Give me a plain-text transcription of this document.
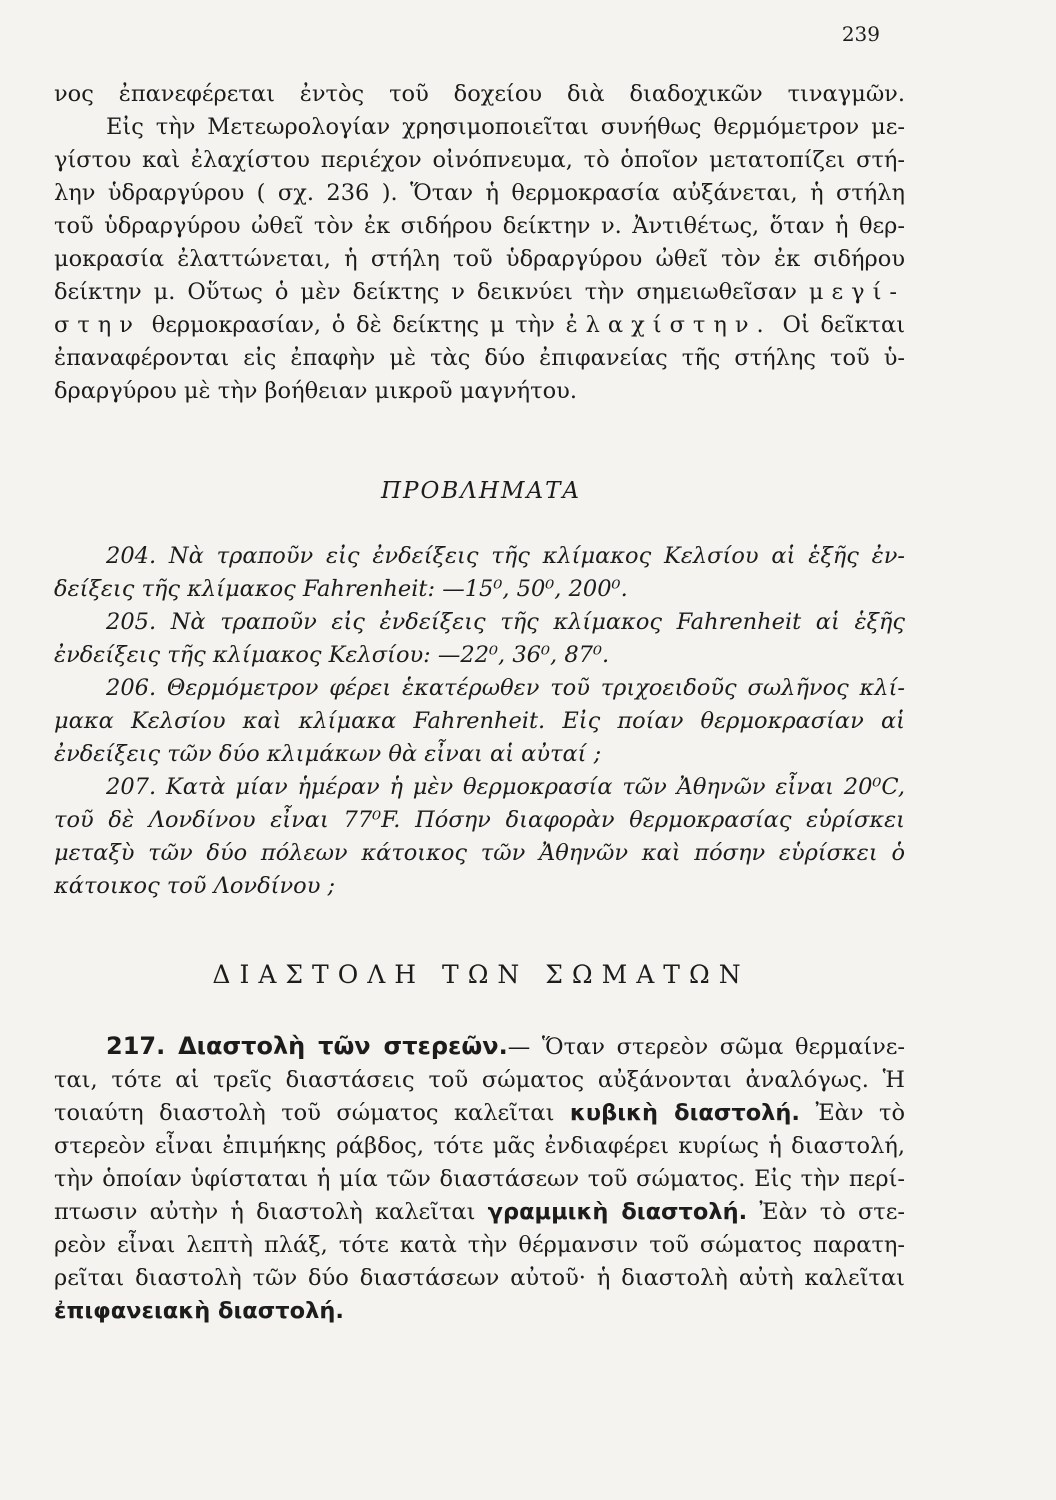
239

νος ἐπανεφέρεται ἐντὸς τοῦ δοχείου διὰ διαδοχικῶν τιναγμῶν.

Εἰς τὴν Μετεωρολογίαν χρησιμοποιεῖται συνήθως θερμόμετρον με-

γίστου καὶ ἐλαχίστου περιέχον οἰνόπνευμα, τὸ ὁποῖον μετατοπίζει στή-

λην ὑδραργύρου ( σχ. 236 ). Ὅταν ἡ θερμοκρασία αὐξάνεται, ἡ στήλη

τοῦ ὑδραργύρου ὠθεῖ τὸν ἐκ σιδήρου δείκτην ν. Ἀντιθέτως, ὅταν ἡ θερ-

μοκρασία ἐλαττώνεται, ἡ στήλη τοῦ ὑδραργύρου ὠθεῖ τὸν ἐκ σιδήρου

δείκτην μ. Οὕτως ὁ μὲν δείκτης ν δεικνύει τὴν σημειωθεῖσαν μεγί-

στην θερμοκρασίαν, ὁ δὲ δείκτης μ τὴν ἐλαχίστην. Οἱ δεῖκται

ἐπαναφέρονται εἰς ἐπαφὴν μὲ τὰς δύο ἐπιφανείας τῆς στήλης τοῦ ὑ-

δραργύρου μὲ τὴν βοήθειαν μικροῦ μαγνήτου.

ΠΡΟΒΛΗΜΑΤΑ

204. Νὰ τραποῦν εἰς ἐνδείξεις τῆς κλίμακος Κελσίου αἱ ἑξῆς ἐν-

δείξεις τῆς κλίμακος Fahrenheit: —15⁰, 50⁰, 200⁰.

205. Νὰ τραποῦν εἰς ἐνδείξεις τῆς κλίμακος Fahrenheit αἱ ἑξῆς

ἐνδείξεις τῆς κλίμακος Κελσίου: —22⁰, 36⁰, 87⁰.

206. Θερμόμετρον φέρει ἑκατέρωθεν τοῦ τριχοειδοῦς σωλῆνος κλί-

μακα Κελσίου καὶ κλίμακα Fahrenheit. Εἰς ποίαν θερμοκρασίαν αἱ

ἐνδείξεις τῶν δύο κλιμάκων θὰ εἶναι αἱ αὐταί ;

207. Κατὰ μίαν ἡμέραν ἡ μὲν θερμοκρασία τῶν Ἀθηνῶν εἶναι 20⁰C,

τοῦ δὲ Λονδίνου εἶναι 77⁰F. Πόσην διαφορὰν θερμοκρασίας εὑρίσκει

μεταξὺ τῶν δύο πόλεων κάτοικος τῶν Ἀθηνῶν καὶ πόσην εὑρίσκει ὁ

κάτοικος τοῦ Λονδίνου ;

ΔΙΑΣΤΟΛΗ ΤΩΝ ΣΩΜΑΤΩΝ

217. Διαστολὴ τῶν στερεῶν.— Ὅταν στερεὸν σῶμα θερμαίνε-

ται, τότε αἱ τρεῖς διαστάσεις τοῦ σώματος αὐξάνονται ἀναλόγως. Ἡ

τοιαύτη διαστολὴ τοῦ σώματος καλεῖται κυβικὴ διαστολή. Ἐὰν τὸ

στερεὸν εἶναι ἐπιμήκης ράβδος, τότε μᾶς ἐνδιαφέρει κυρίως ἡ διαστολή,

τὴν ὁποίαν ὑφίσταται ἡ μία τῶν διαστάσεων τοῦ σώματος. Εἰς τὴν περί-

πτωσιν αὐτὴν ἡ διαστολὴ καλεῖται γραμμικὴ διαστολή. Ἐὰν τὸ στε-

ρεὸν εἶναι λεπτὴ πλάξ, τότε κατὰ τὴν θέρμανσιν τοῦ σώματος παρατη-

ρεῖται διαστολὴ τῶν δύο διαστάσεων αὐτοῦ· ἡ διαστολὴ αὐτὴ καλεῖται

ἐπιφανειακὴ διαστολή.
